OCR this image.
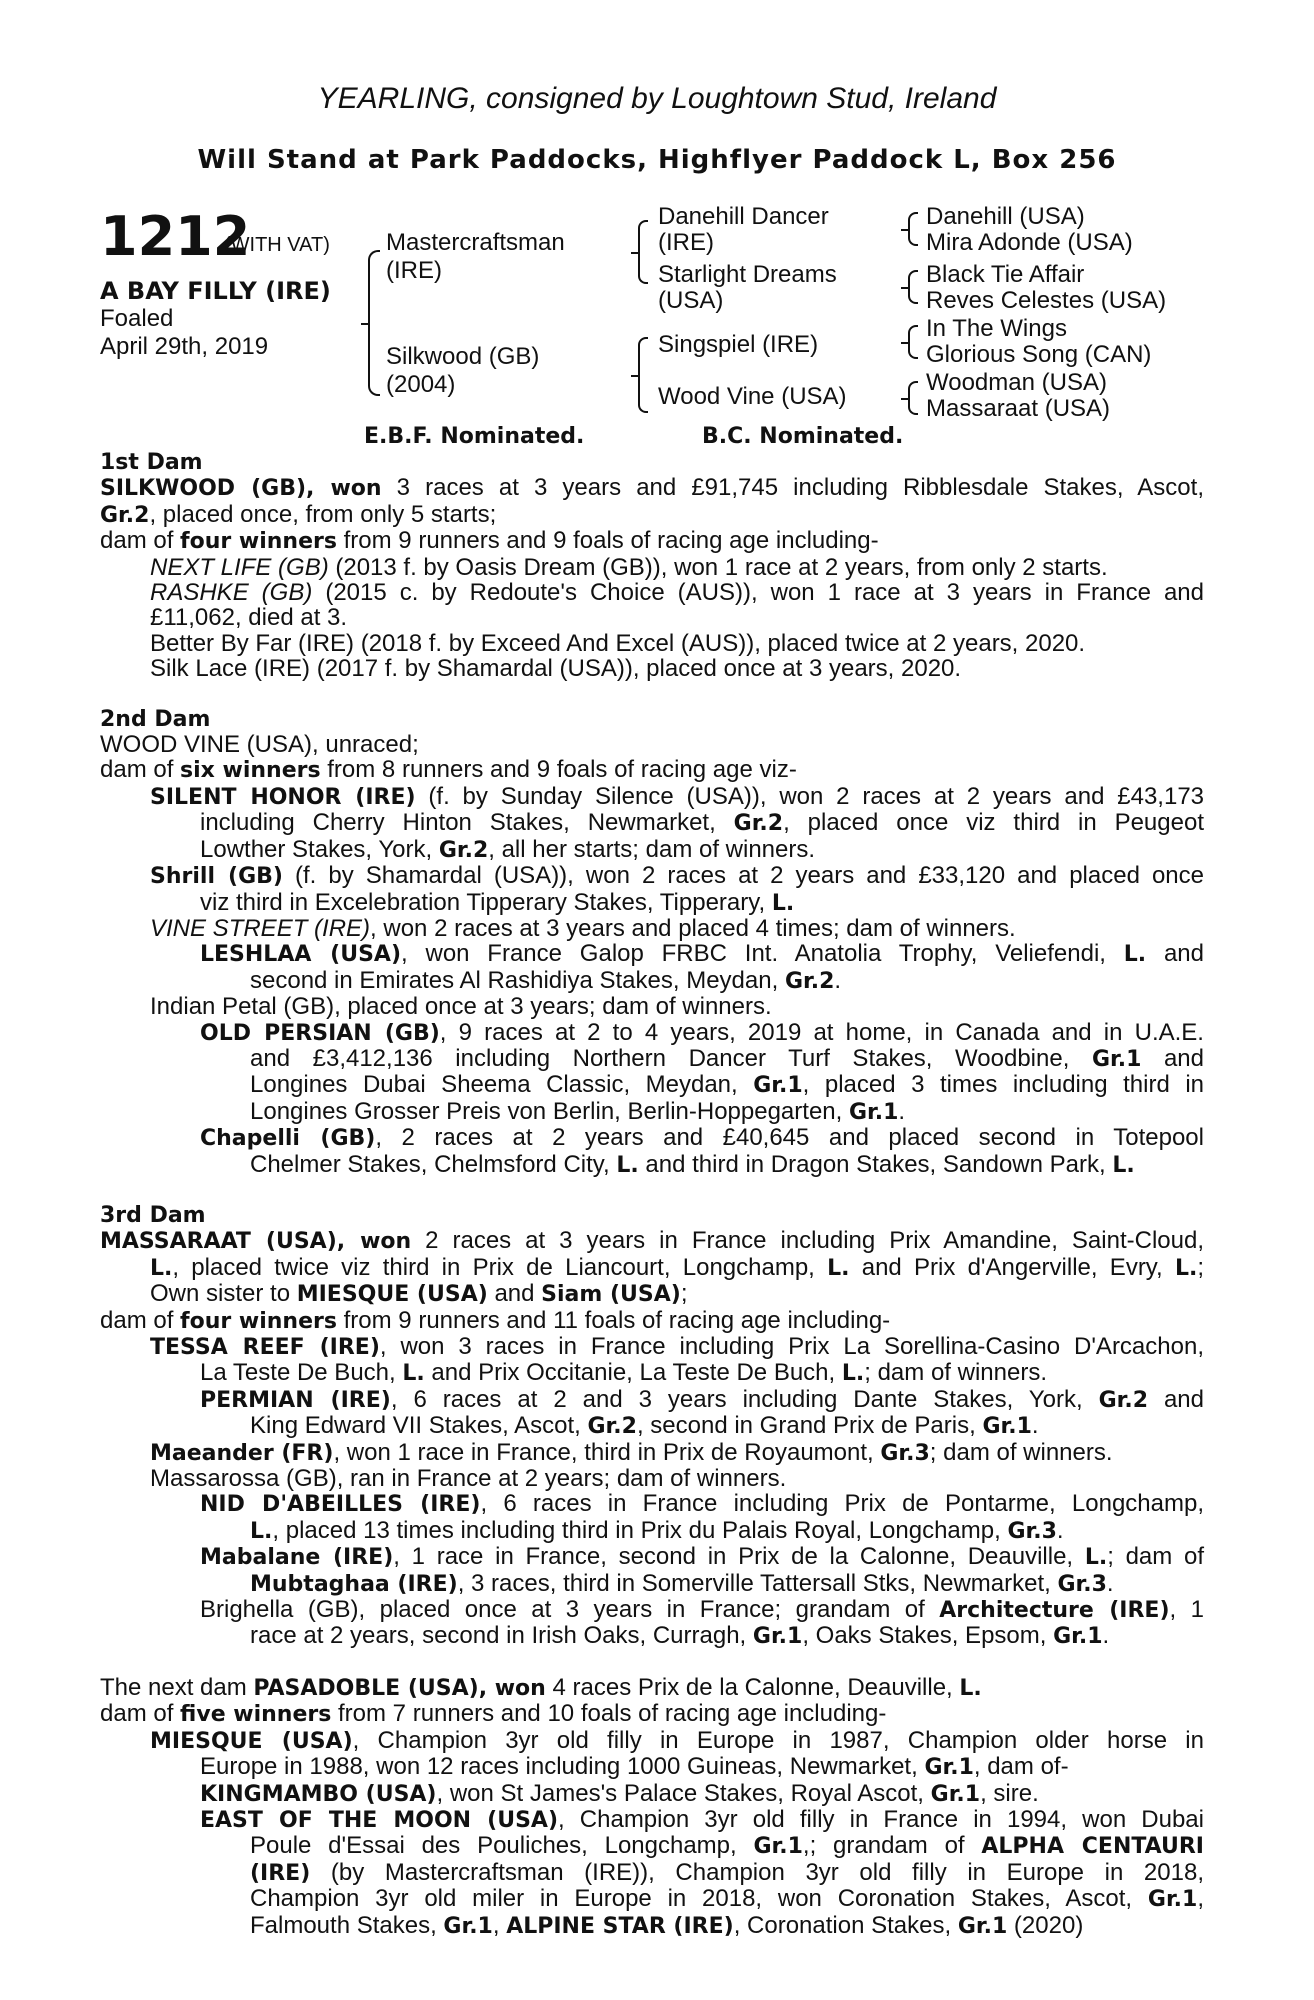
YEARLING, consigned by Loughtown Stud, Ireland
Will Stand at Park Paddocks, Highflyer Paddock L, Box 256
1212
(WITH VAT)
A BAY FILLY (IRE)
Foaled
April 29th, 2019
Mastercraftsman
(IRE)
Silkwood (GB)
(2004)
Danehill Dancer
(IRE)
Starlight Dreams
(USA)
Singspiel (IRE)
Wood Vine (USA)
Danehill (USA)
Mira Adonde (USA)
Black Tie Affair
Reves Celestes (USA)
In The Wings
Glorious Song (CAN)
Woodman (USA)
Massaraat (USA)
E.B.F. Nominated.	B.C. Nominated.
1st Dam
SILKWOOD (GB), won 3 races at 3 years and £91,745 including Ribblesdale Stakes, Ascot,
Gr.2, placed once, from only 5 starts;
dam of four winners from 9 runners and 9 foals of racing age including-
NEXT LIFE (GB) (2013 f. by Oasis Dream (GB)), won 1 race at 2 years, from only 2 starts.
RASHKE (GB) (2015 c. by Redoute's Choice (AUS)), won 1 race at 3 years in France and
£11,062, died at 3.
Better By Far (IRE) (2018 f. by Exceed And Excel (AUS)), placed twice at 2 years, 2020.
Silk Lace (IRE) (2017 f. by Shamardal (USA)), placed once at 3 years, 2020.
2nd Dam
WOOD VINE (USA), unraced;
dam of six winners from 8 runners and 9 foals of racing age viz-
SILENT HONOR (IRE) (f. by Sunday Silence (USA)), won 2 races at 2 years and £43,173
including Cherry Hinton Stakes, Newmarket, Gr.2, placed once viz third in Peugeot
Lowther Stakes, York, Gr.2, all her starts; dam of winners.
Shrill (GB) (f. by Shamardal (USA)), won 2 races at 2 years and £33,120 and placed once
viz third in Excelebration Tipperary Stakes, Tipperary, L.
VINE STREET (IRE), won 2 races at 3 years and placed 4 times; dam of winners.
LESHLAA (USA), won France Galop FRBC Int. Anatolia Trophy, Veliefendi, L. and
second in Emirates Al Rashidiya Stakes, Meydan, Gr.2.
Indian Petal (GB), placed once at 3 years; dam of winners.
OLD PERSIAN (GB), 9 races at 2 to 4 years, 2019 at home, in Canada and in U.A.E.
and £3,412,136 including Northern Dancer Turf Stakes, Woodbine, Gr.1 and
Longines Dubai Sheema Classic, Meydan, Gr.1, placed 3 times including third in
Longines Grosser Preis von Berlin, Berlin-Hoppegarten, Gr.1.
Chapelli (GB), 2 races at 2 years and £40,645 and placed second in Totepool
Chelmer Stakes, Chelmsford City, L. and third in Dragon Stakes, Sandown Park, L.
3rd Dam
MASSARAAT (USA), won 2 races at 3 years in France including Prix Amandine, Saint-Cloud,
L., placed twice viz third in Prix de Liancourt, Longchamp, L. and Prix d'Angerville, Evry, L.;
Own sister to MIESQUE (USA) and Siam (USA);
dam of four winners from 9 runners and 11 foals of racing age including-
TESSA REEF (IRE), won 3 races in France including Prix La Sorellina-Casino D'Arcachon,
La Teste De Buch, L. and Prix Occitanie, La Teste De Buch, L.; dam of winners.
PERMIAN (IRE), 6 races at 2 and 3 years including Dante Stakes, York, Gr.2 and
King Edward VII Stakes, Ascot, Gr.2, second in Grand Prix de Paris, Gr.1.
Maeander (FR), won 1 race in France, third in Prix de Royaumont, Gr.3; dam of winners.
Massarossa (GB), ran in France at 2 years; dam of winners.
NID D'ABEILLES (IRE), 6 races in France including Prix de Pontarme, Longchamp,
L., placed 13 times including third in Prix du Palais Royal, Longchamp, Gr.3.
Mabalane (IRE), 1 race in France, second in Prix de la Calonne, Deauville, L.; dam of
Mubtaghaa (IRE), 3 races, third in Somerville Tattersall Stks, Newmarket, Gr.3.
Brighella (GB), placed once at 3 years in France; grandam of Architecture (IRE), 1
race at 2 years, second in Irish Oaks, Curragh, Gr.1, Oaks Stakes, Epsom, Gr.1.
The next dam PASADOBLE (USA), won 4 races Prix de la Calonne, Deauville, L.
dam of five winners from 7 runners and 10 foals of racing age including-
MIESQUE (USA), Champion 3yr old filly in Europe in 1987, Champion older horse in
Europe in 1988, won 12 races including 1000 Guineas, Newmarket, Gr.1, dam of-
KINGMAMBO (USA), won St James's Palace Stakes, Royal Ascot, Gr.1, sire.
EAST OF THE MOON (USA), Champion 3yr old filly in France in 1994, won Dubai
Poule d'Essai des Pouliches, Longchamp, Gr.1,; grandam of ALPHA CENTAURI
(IRE) (by Mastercraftsman (IRE)), Champion 3yr old filly in Europe in 2018,
Champion 3yr old miler in Europe in 2018, won Coronation Stakes, Ascot, Gr.1,
Falmouth Stakes, Gr.1, ALPINE STAR (IRE), Coronation Stakes, Gr.1 (2020)
